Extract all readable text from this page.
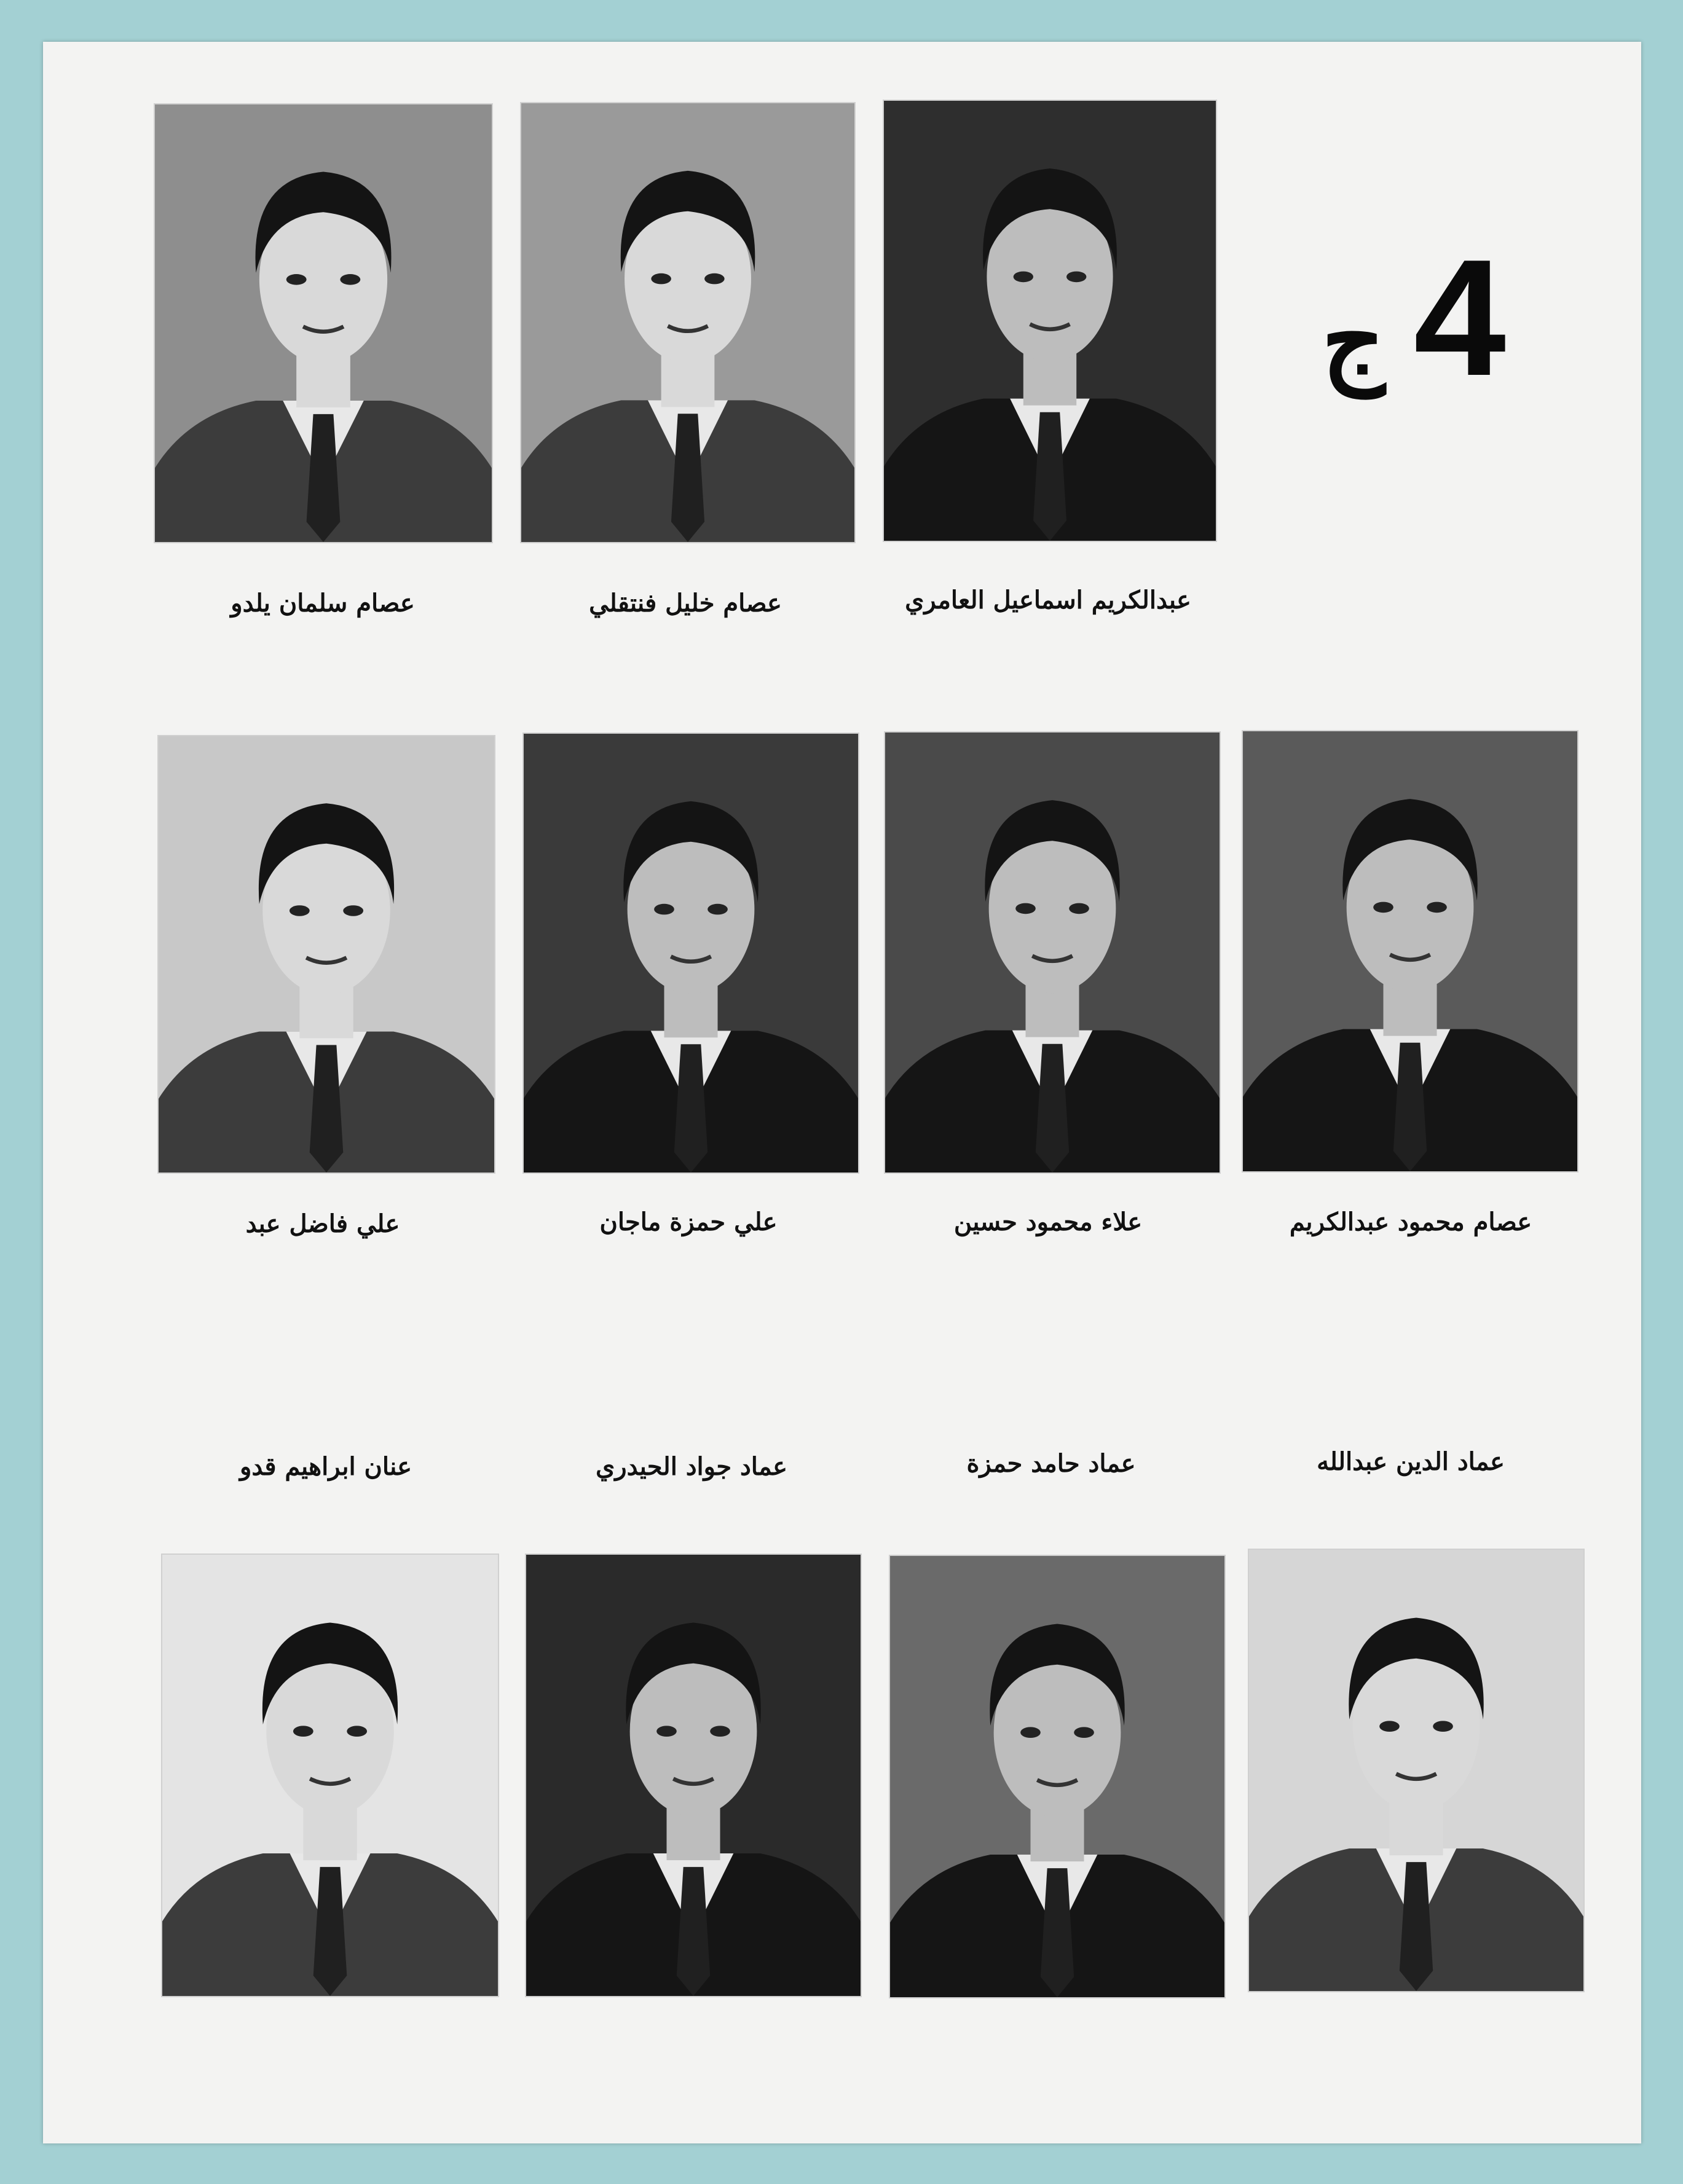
4
ج
عصام سلمان يلدو	عصام خليل فنتقلي	عبدالكريم اسماعيل العامري
علي فاضل عبد	علي حمزة ماجان	علاء محمود حسين	عصام محمود عبدالكريم
عنان ابراهيم قدو	عماد جواد الحيدري	عماد حامد حمزة	عماد الدين عبدالله
